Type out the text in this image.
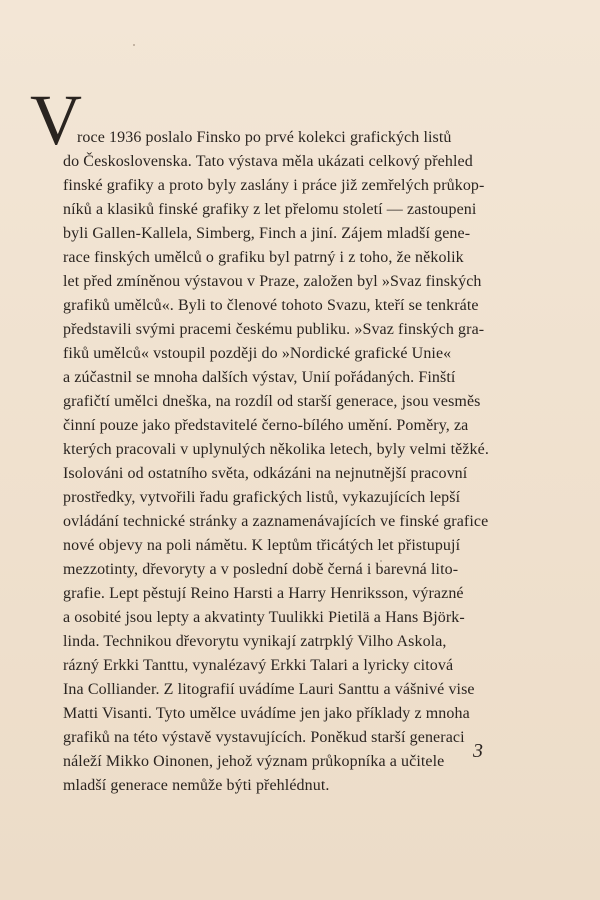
V
roce 1936 poslalo Finsko po prvé kolekci grafických listů
do Československa. Tato výstava měla ukázati celkový přehled
finské grafiky a proto byly zaslány i práce již zemřelých průkop-
níků a klasiků finské grafiky z let přelomu století — zastoupeni
byli Gallen-Kallela, Simberg, Finch a jiní. Zájem mladší gene-
race finských umělců o grafiku byl patrný i z toho, že několik
let před zmíněnou výstavou v Praze, založen byl »Svaz finských
grafiků umělců«. Byli to členové tohoto Svazu, kteří se tenkráte
představili svými pracemi českému publiku. »Svaz finských gra-
fiků umělců« vstoupil později do »Nordické grafické Unie«
a zúčastnil se mnoha dalších výstav, Unií pořádaných. Finští
grafičtí umělci dneška, na rozdíl od starší generace, jsou vesměs
činní pouze jako představitelé černo-bílého umění. Poměry, za
kterých pracovali v uplynulých několika letech, byly velmi těžké.
Isolováni od ostatního světa, odkázáni na nejnutnější pracovní
prostředky, vytvořili řadu grafických listů, vykazujících lepší
ovládání technické stránky a zaznamenávajících ve finské grafice
nové objevy na poli námětu. K leptům třicátých let přistupují
mezzotinty, dřevoryty a v poslední době černá i barevná lito-
grafie. Lept pěstují Reino Harsti a Harry Henriksson, výrazné
a osobité jsou lepty a akvatinty Tuulikki Pietilä a Hans Björk-
linda. Technikou dřevorytu vynikají zatrpklý Vilho Askola,
rázný Erkki Tanttu, vynalézavý Erkki Talari a lyricky citová
Ina Colliander. Z litografií uvádíme Lauri Santtu a vášnivé vise
Matti Visanti. Tyto umělce uvádíme jen jako příklady z mnoha
grafiků na této výstavě vystavujících. Poněkud starší generaci
náleží Mikko Oinonen, jehož význam průkopníka a učitele
mladší generace nemůže býti přehlédnut.
3
